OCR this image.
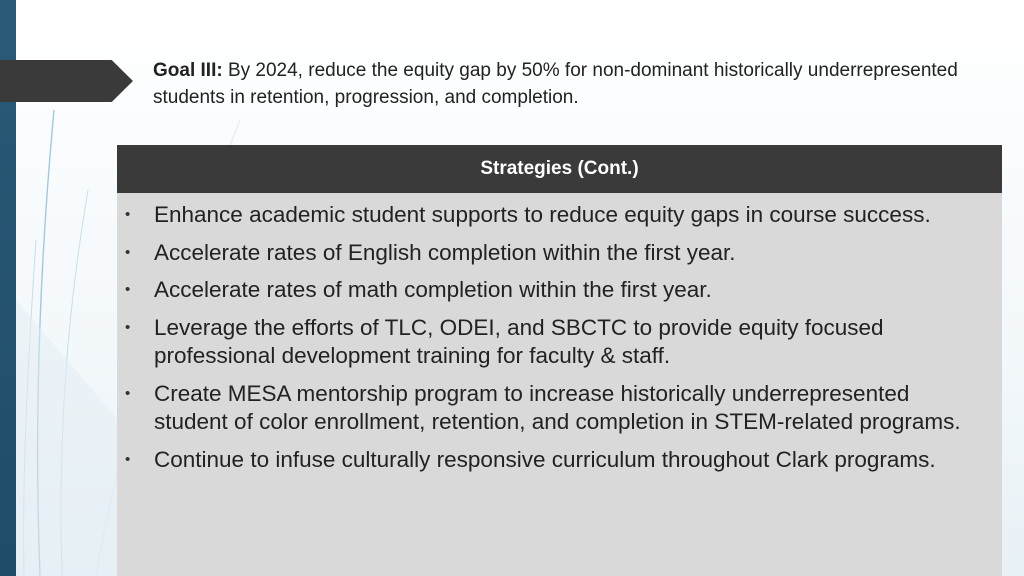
Goal III: By 2024, reduce the equity gap by 50% for non-dominant historically underrepresented students in retention, progression, and completion.
Strategies (Cont.)
• Enhance academic student supports to reduce equity gaps in course success.
• Accelerate rates of English completion within the first year.
• Accelerate rates of math completion within the first year.
• Leverage the efforts of TLC, ODEI, and SBCTC to provide equity focused professional development training for faculty & staff.
• Create MESA mentorship program to increase historically underrepresented student of color enrollment, retention, and completion in STEM-related programs.
• Continue to infuse culturally responsive curriculum throughout Clark programs.
